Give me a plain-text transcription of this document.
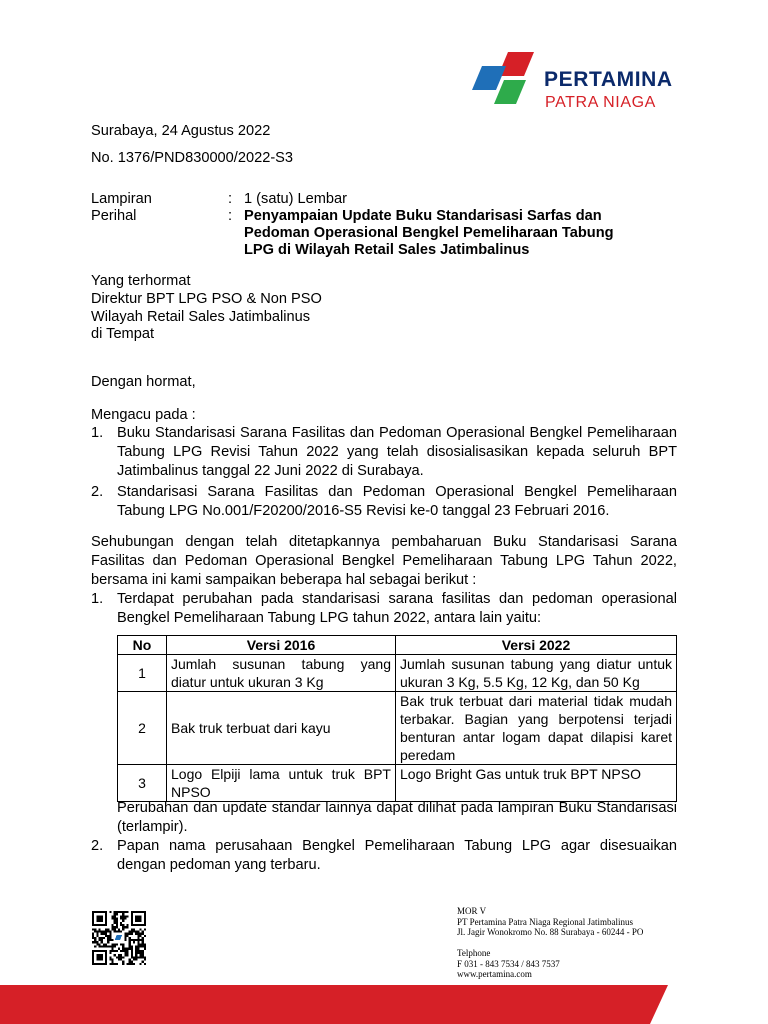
PERTAMINA
PATRA NIAGA
Surabaya, 24 Agustus 2022
No. 1376/PND830000/2022-S3
Lampiran	: 1 (satu) Lembar
Perihal	: Penyampaian Update Buku Standarisasi Sarfas dan
Pedoman Operasional Bengkel Pemeliharaan Tabung
LPG di Wilayah Retail Sales Jatimbalinus
Yang terhormat
Direktur BPT LPG PSO & Non PSO
Wilayah Retail Sales Jatimbalinus
di Tempat
Dengan hormat,
Mengacu pada :
1. Buku Standarisasi Sarana Fasilitas dan Pedoman Operasional Bengkel Pemeliharaan Tabung LPG Revisi Tahun 2022 yang telah disosialisasikan kepada seluruh BPT Jatimbalinus tanggal 22 Juni 2022 di Surabaya.
2. Standarisasi Sarana Fasilitas dan Pedoman Operasional Bengkel Pemeliharaan Tabung LPG No.001/F20200/2016-S5 Revisi ke-0 tanggal 23 Februari 2016.
Sehubungan dengan telah ditetapkannya pembaharuan Buku Standarisasi Sarana Fasilitas dan Pedoman Operasional Bengkel Pemeliharaan Tabung LPG Tahun 2022, bersama ini kami sampaikan beberapa hal sebagai berikut :
1. Terdapat perubahan pada standarisasi sarana fasilitas dan pedoman operasional Bengkel Pemeliharaan Tabung LPG tahun 2022, antara lain yaitu:
No	Versi 2016	Versi 2022
1	Jumlah susunan tabung yang diatur untuk ukuran 3 Kg	Jumlah susunan tabung yang diatur untuk ukuran 3 Kg, 5.5 Kg, 12 Kg, dan 50 Kg
2	Bak truk terbuat dari kayu	Bak truk terbuat dari material tidak mudah terbakar. Bagian yang berpotensi terjadi benturan antar logam dapat dilapisi karet peredam
3	Logo Elpiji lama untuk truk BPT NPSO	Logo Bright Gas untuk truk BPT NPSO
Perubahan dan update standar lainnya dapat dilihat pada lampiran Buku Standarisasi (terlampir).
2. Papan nama perusahaan Bengkel Pemeliharaan Tabung LPG agar disesuaikan dengan pedoman yang terbaru.
MOR V
PT Pertamina Patra Niaga Regional Jatimbalinus
Jl. Jagir Wonokromo No. 88 Surabaya - 60244 - PO
Telphone
F 031 - 843 7534 / 843 7537
www.pertamina.com
